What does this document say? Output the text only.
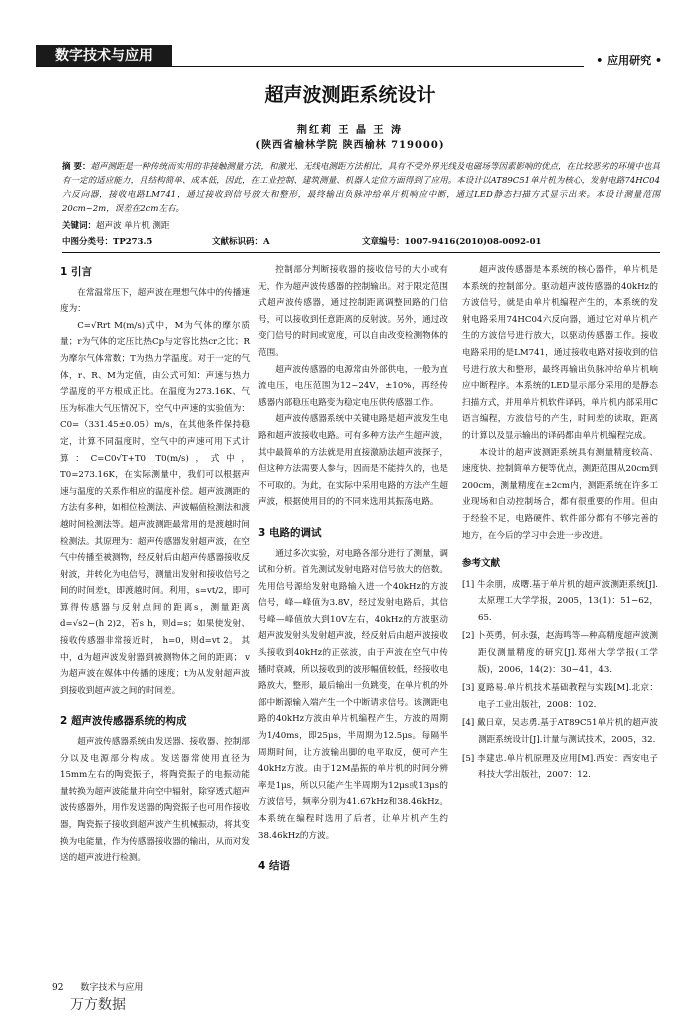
数字技术与应用	• 应用研究 •
超声波测距系统设计
荆红莉 王 晶 王 涛
(陕西省榆林学院 陕西榆林 719000)
摘 要：超声测距是一种传统而实用的非接触测量方法，和激光、无线电测距方法相比，具有不受外界光线及电磁场等因素影响的优点，在比较恶劣的环境中也具有一定的适应能力，且结构简单、成本低，因此，在工业控制、建筑测量、机器人定位方面得到了应用。本设计以AT89C51单片机为核心，发射电路74HC04六反向器，接收电路LM741，通过接收到信号放大和整形，最终输出负脉冲给单片机响应中断，通过LED静态扫描方式显示出来。本设计测量范围20cm~2m，误差在2cm左右。
关键词：超声波 单片机 测距
中图分类号：TP273.5	文献标识码：A	文章编号：1007-9416(2010)08-0092-01
1 引言

在常温常压下，超声波在理想气体中的传播速度为：

C=√Rrt M(m/s)式中，M为气体的摩尔质量；r为气体的定压比热Cp与定容比热cr之比；R为摩尔气体常数；T为热力学温度。对于一定的气体，r、R、M为定值，由公式可知：声速与热力学温度的平方根成正比。在温度为273.16K、气压为标准大气压情况下，空气中声速的实验值为：C0=（331.45±0.05）m/s，在其他条件保持稳定，计算不同温度时，空气中的声速可用下式计算：C=C0√T+T0 T0(m/s)，式中，T0=273.16K，在实际测量中，我们可以根据声速与温度的关系作相应的温度补偿。超声波测距的方法有多种，如相位检测法、声波幅值检测法和渡越时间检测法等。超声波测距最常用的是渡越时间检测法。其原理为：超声传感器发射超声波，在空气中传播至被测物，经反射后由超声传感器接收反射波，并转化为电信号，测量出发射和接收信号之间的时间差t，即渡越时间。利用，s=vt/2，即可算得传感器与反射点间的距离s，测量距离d=√s2−(h 2)2，若s h，则d=s；如果使发射、接收传感器非常接近时， h=0，则d=vt 2。 其中，d为超声波发射器到被测物体之间的距离； v为超声波在媒体中传播的速度；t为从发射超声波到接收到超声波之间的时间差。

2 超声波传感器系统的构成

超声波传感器系统由发送器、接收器、控制部分以及电源部分构成。发送器常使用直径为15mm左右的陶瓷振子，将陶瓷振子的电振动能量转换为超声波能量并向空中辐射，除穿透式超声波传感器外，用作发送器的陶瓷振子也可用作接收器，陶瓷振子接收到超声波产生机械振动，将其变换为电能量，作为传感器接收器的输出，从而对发送的超声波进行检测。

控制部分判断接收器的接收信号的大小或有无，作为超声波传感器的控制输出。对于限定范围式超声波传感器，通过控制距离调整回路的门信号，可以接收到任意距离的反射波。另外，通过改变门信号的时间或宽度，可以自由改变检测物体的范围。

超声波传感器的电源常由外部供电，一般为直流电压，电压范围为12~24V，±10%，再经传感器内部稳压电路变为稳定电压供传感器工作。

超声波传感器系统中关键电路是超声波发生电路和超声波接收电路。可有多种方法产生超声波，其中最简单的方法就是用直接激励法超声波探子，但这种方法需要人参与，因而是不能持久的，也是不可取的。为此，在实际中采用电路的方法产生超声波，根据使用目的的不同来选用其振荡电路。

3 电路的调试

通过多次实验，对电路各部分进行了测量，调试和分析。首先测试发射电路对信号放大的倍数。先用信号源给发射电路输入进一个40kHz的方波信号，峰—峰值为3.8V，经过发射电路后，其信号峰—峰值放大到10V左右，40kHz的方波驱动超声波发射头发射超声波，经反射后由超声波接收头接收到40kHz的正弦波，由于声波在空气中传播时衰减，所以接收到的波形幅值较低，经接收电路放大，整形，最后输出一负跳变，在单片机的外部中断源输入端产生一个中断请求信号。该测距电路的40kHz方波由单片机编程产生，方波的周期为1/40ms，即25μs，半周期为12.5μs。每隔半周期时间，让方波输出脚的电平取反，便可产生40kHz方波。由于12M晶振的单片机的时间分辨率是1μs，所以只能产生半周期为12μs或13μs的方波信号，频率分别为41.67kHz和38.46kHz。本系统在编程时选用了后者，让单片机产生约38.46kHz的方波。

4 结语

超声波传感器是本系统的核心器件，单片机是本系统的控制部分。驱动超声波传感器的40kHz的方波信号，就是由单片机编程产生的，本系统的发射电路采用74HC04六反向器，通过它对单片机产生的方波信号进行放大，以驱动传感器工作。接收电路采用的是LM741，通过接收电路对接收到的信号进行放大和整形，最终再输出负脉冲给单片机响应中断程序。本系统的LED显示部分采用的是静态扫描方式，并用单片机软件译码，单片机内部采用C语言编程，方波信号的产生，时间差的读取，距离的计算以及显示输出的译码都由单片机编程完成。

本设计的超声波测距系统具有测量精度较高、速度快、控制简单方便等优点，测距范围从20cm到200cm，测量精度在±2cm内，测距系统在许多工业现场和自动控制场合，都有很重要的作用。但由于经验不足，电路硬件、软件部分都有不够完善的地方，在今后的学习中会进一步改进。

参考文献
[1] 牛余朋，成曙.基于单片机的超声波测距系统[J].太原理工大学学报，2005，13(1)：51−62，65.
[2] 卜英勇，何永强，赵海鸣等—种高精度超声波测距仪测量精度的研究[J].郑州大学学报(工学版)，2006，14(2)：30−41，43.
[3] 夏路易.单片机技术基础教程与实践[M].北京：电子工业出版社，2008：102.
[4] 戴日章，吴志勇.基于AT89C51单片机的超声波测距系统设计[J].计量与测试技术，2005，32.
[5] 李建忠.单片机原理及应用[M].西安：西安电子科技大学出版社，2007：12.
92 数字技术与应用
万方数据
